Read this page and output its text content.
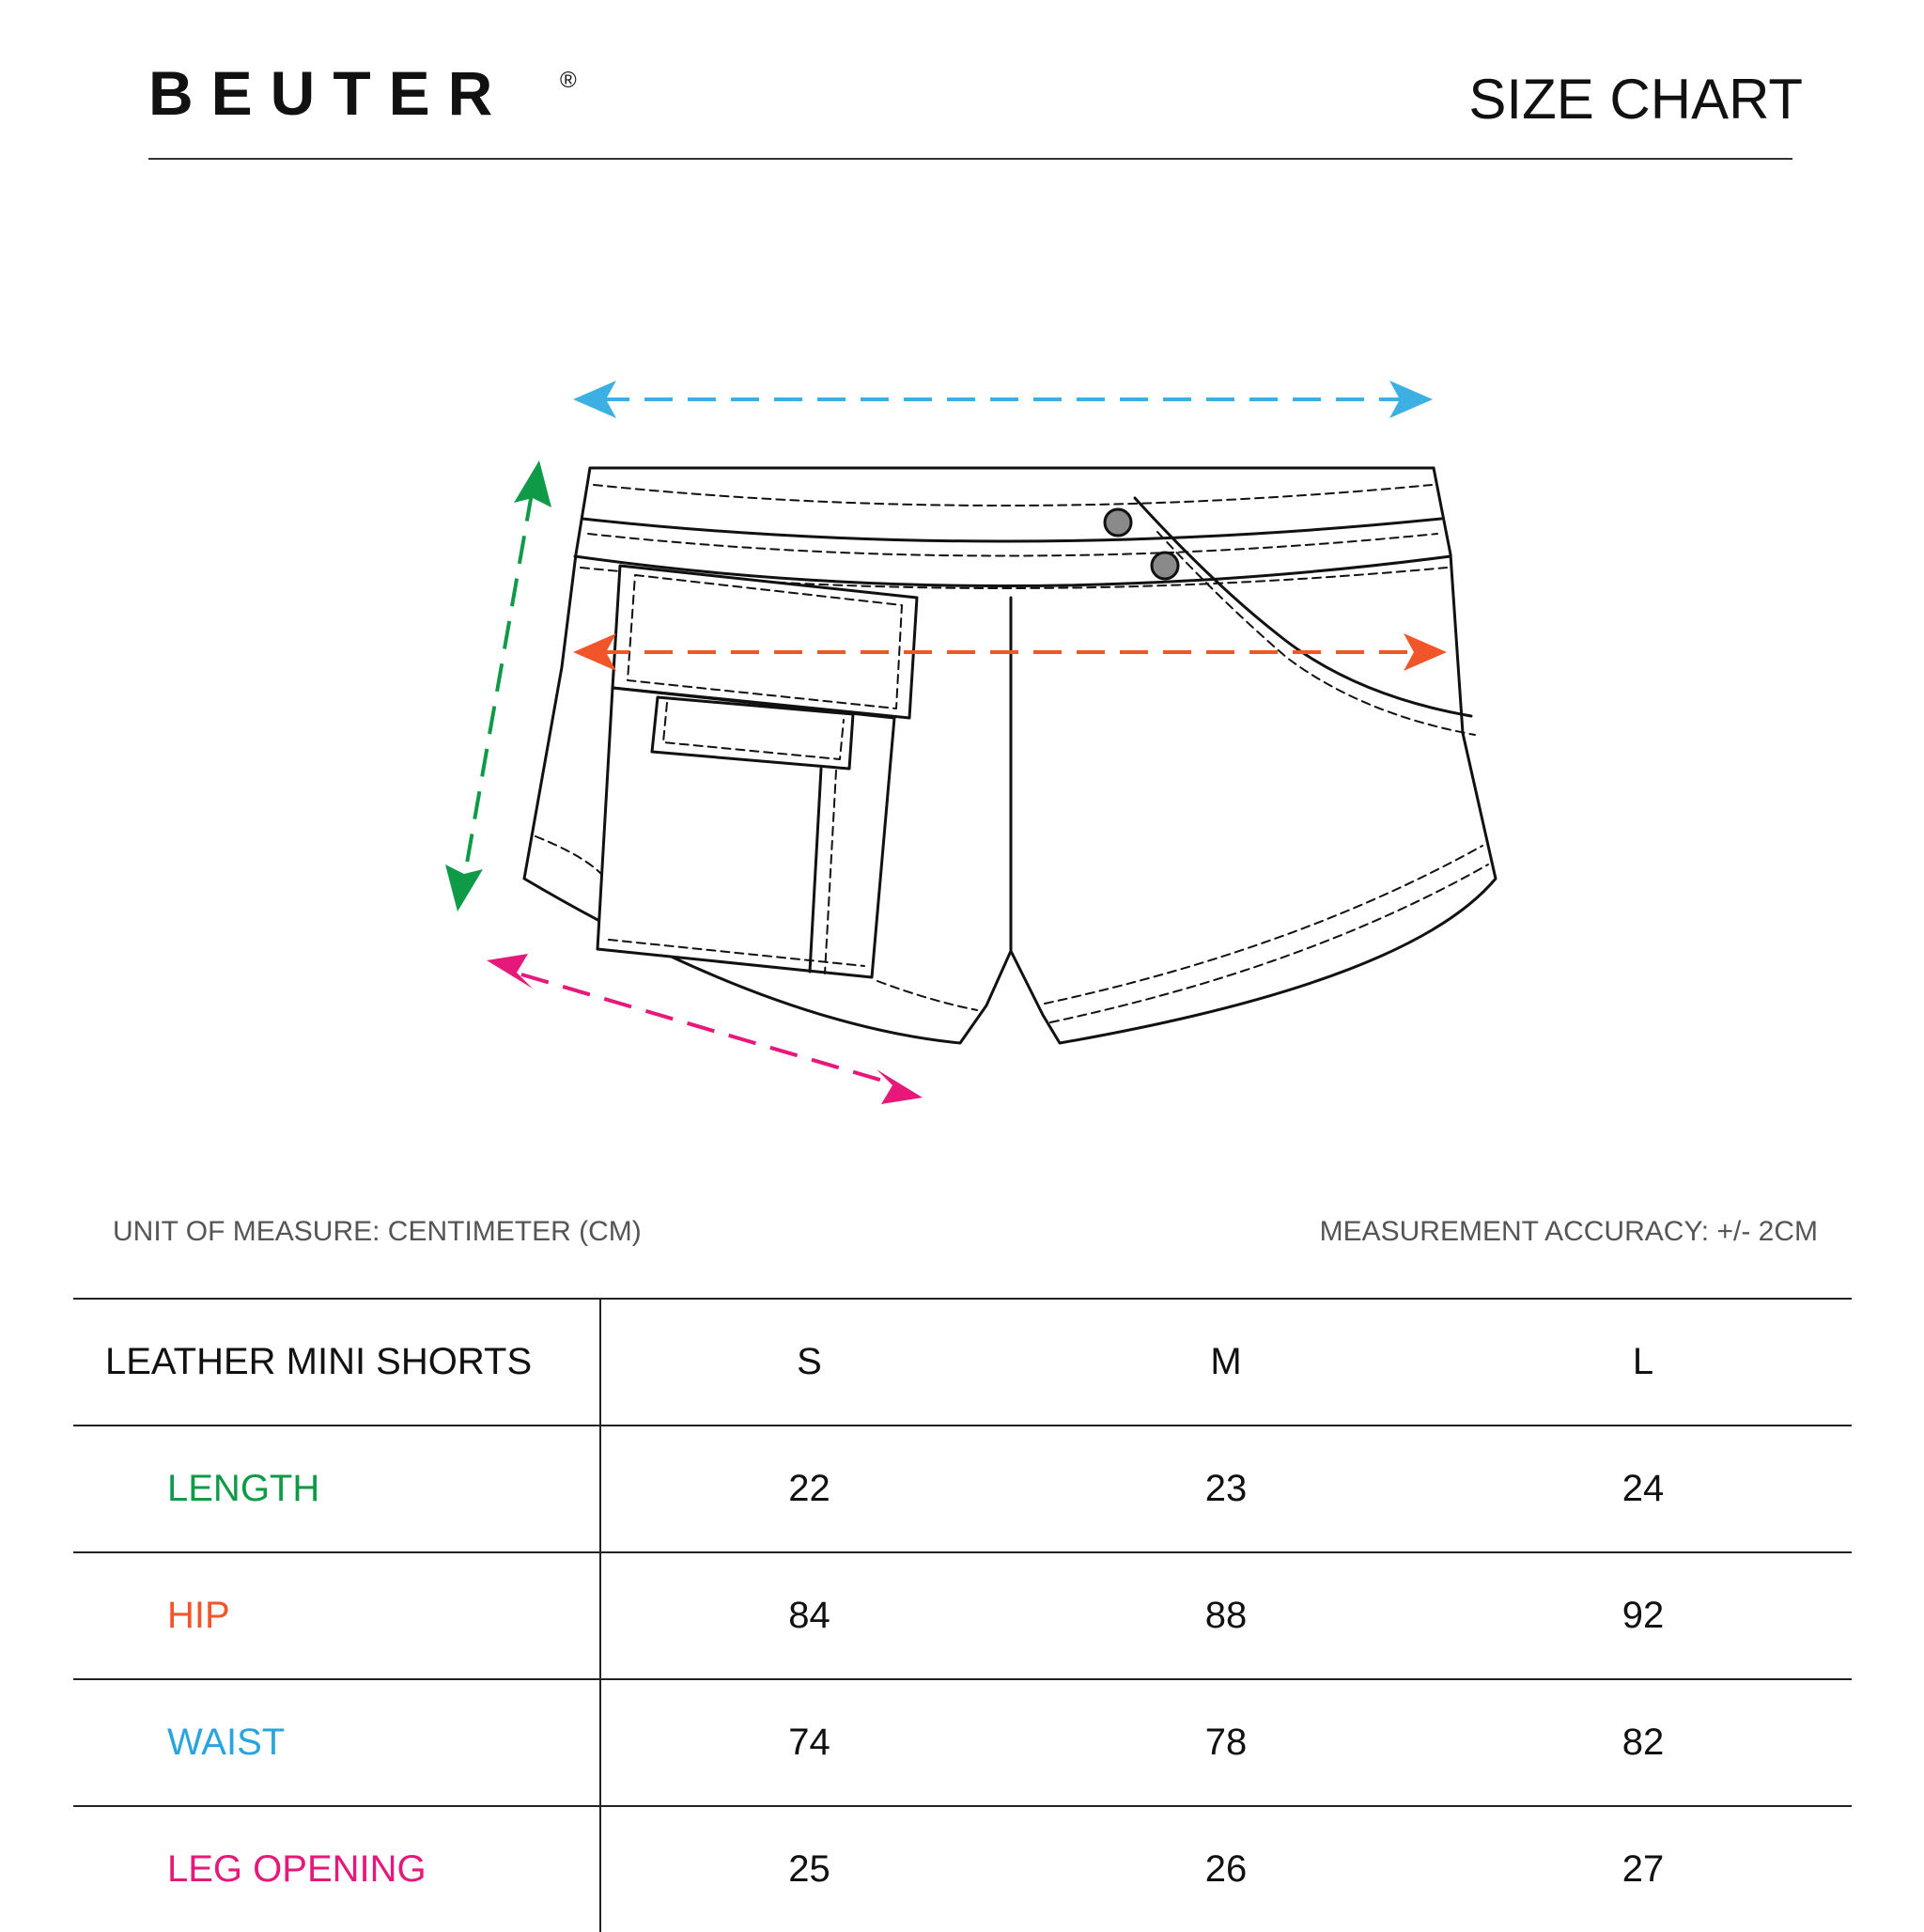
BEUTER ®	SIZE CHART
UNIT OF MEASURE: CENTIMETER (CM)	MEASUREMENT ACCURACY: +/- 2CM
LEATHER MINI SHORTS	S	M	L
LENGTH	22	23	24
HIP	84	88	92
WAIST	74	78	82
LEG OPENING	25	26	27
